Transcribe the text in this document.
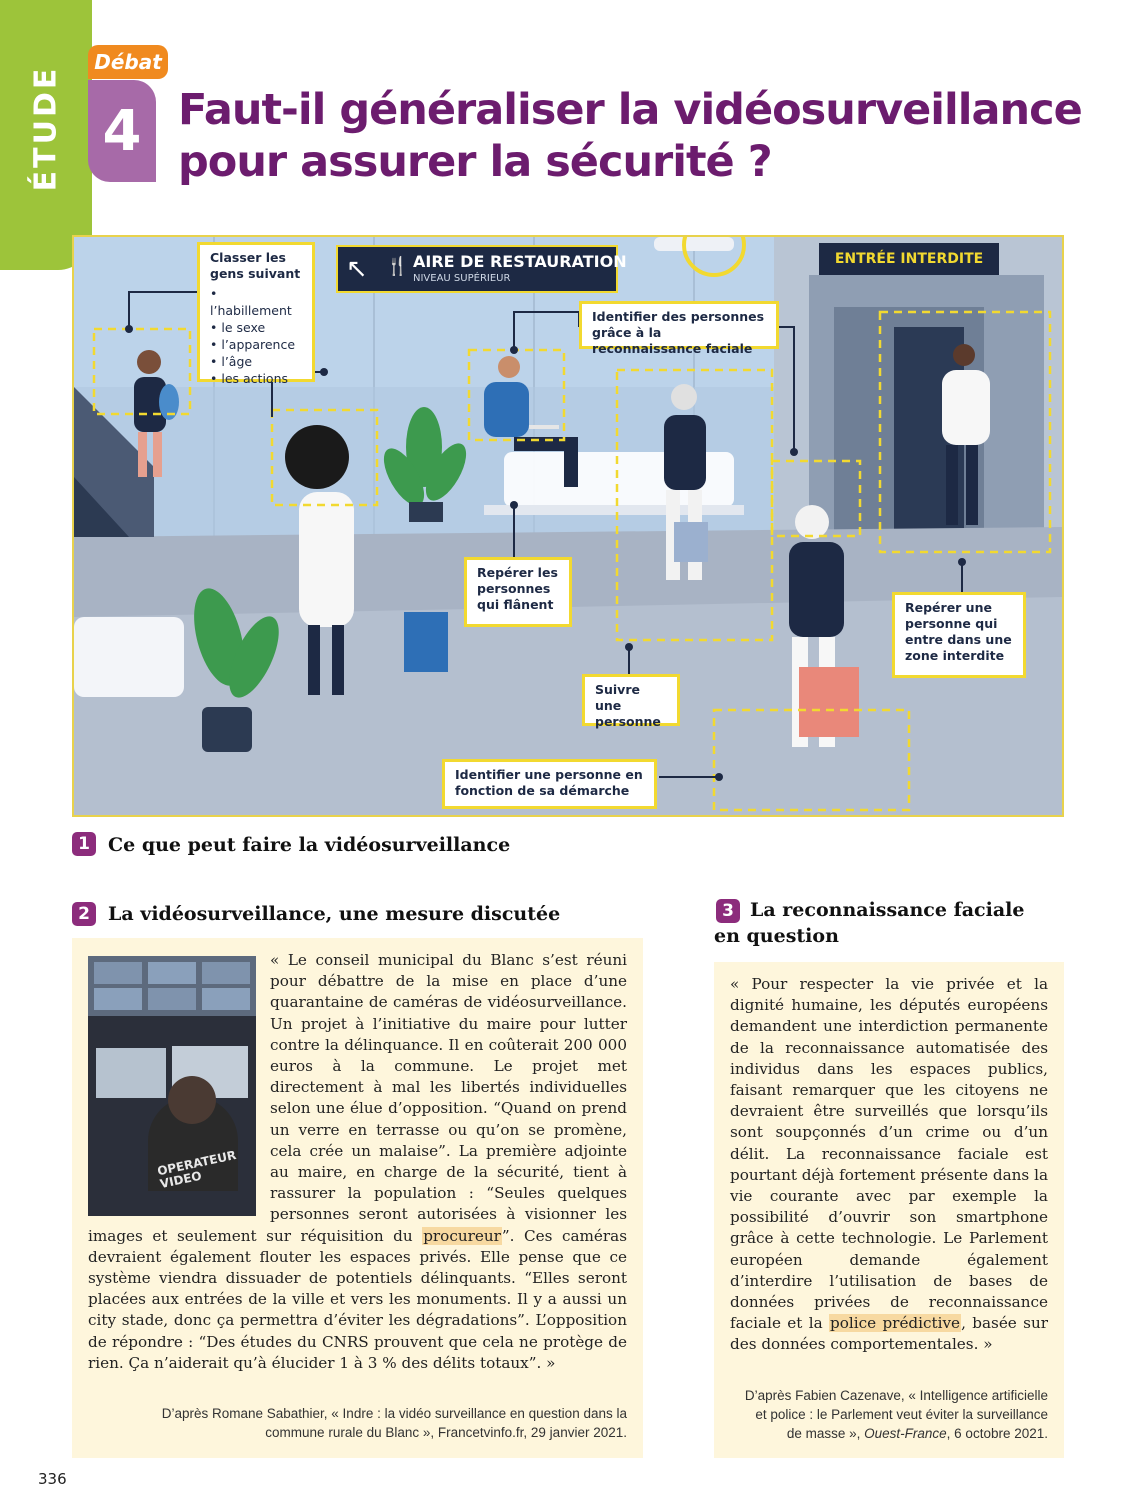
ÉTUDE
Débat
4 Faut-il généraliser la vidéosurveillance
pour assurer la sécurité ?
↖ 🍴 AIRE DE RESTAURATION
NIVEAU SUPÉRIEUR
ENTRÉE INTERDITE
Classer les gens suivant
• l’habillement
• le sexe
• l’apparence
• l’âge
• les actions
Identifier des personnes grâce à la reconnaissance faciale
Repérer les personnes qui flânent
Suivre une personne
Identifier une personne en fonction de sa démarche
Repérer une personne qui entre dans une zone interdite
1 Ce que peut faire la vidéosurveillance
2 La vidéosurveillance, une mesure discutée
OPERATEUR VIDEO
« Le conseil municipal du Blanc s’est réuni pour débattre de la mise en place d’une quarantaine de caméras de vidéosurveillance. Un projet à l’initiative du maire pour lutter contre la délinquance. Il en coûterait 200 000 euros à la commune. Le projet met directement à mal les libertés individuelles selon une élue d’opposition. “Quand on prend un verre en terrasse ou qu’on se promène, cela crée un malaise”. La première adjointe au maire, en charge de la sécurité, tient à rassurer la population : “Seules quelques personnes seront autorisées à visionner les images et seulement sur réquisition du procureur”. Ces caméras devraient également flouter les espaces privés. Elle pense que ce système viendra dissuader de potentiels délinquants. “Elles seront placées aux entrées de la ville et vers les monuments. Il y a aussi un city stade, donc ça permettra d’éviter les dégradations”. L’opposition de répondre : “Des études du CNRS prouvent que cela ne protège de rien. Ça n’aiderait qu’à élucider 1 à 3 % des délits totaux”. »
D’après Romane Sabathier, « Indre : la vidéo surveillance en question dans la
commune rurale du Blanc », Francetvinfo.fr, 29 janvier 2021.
3 La reconnaissance faciale
en question
« Pour respecter la vie privée et la dignité humaine, les députés européens demandent une interdiction permanente de la reconnaissance automatisée des individus dans les espaces publics, faisant remarquer que les citoyens ne devraient être surveillés que lorsqu’ils sont soupçonnés d’un crime ou d’un délit. La reconnaissance faciale est pourtant déjà fortement présente dans la vie courante avec par exemple la possibilité d’ouvrir son smartphone grâce à cette technologie. Le Parlement européen demande également d’interdire l’utilisation de bases de données privées de reconnaissance faciale et la police prédictive, basée sur des données comportementales. »
D’après Fabien Cazenave, « Intelligence artificielle
et police : le Parlement veut éviter la surveillance
de masse », Ouest-France, 6 octobre 2021.
336
